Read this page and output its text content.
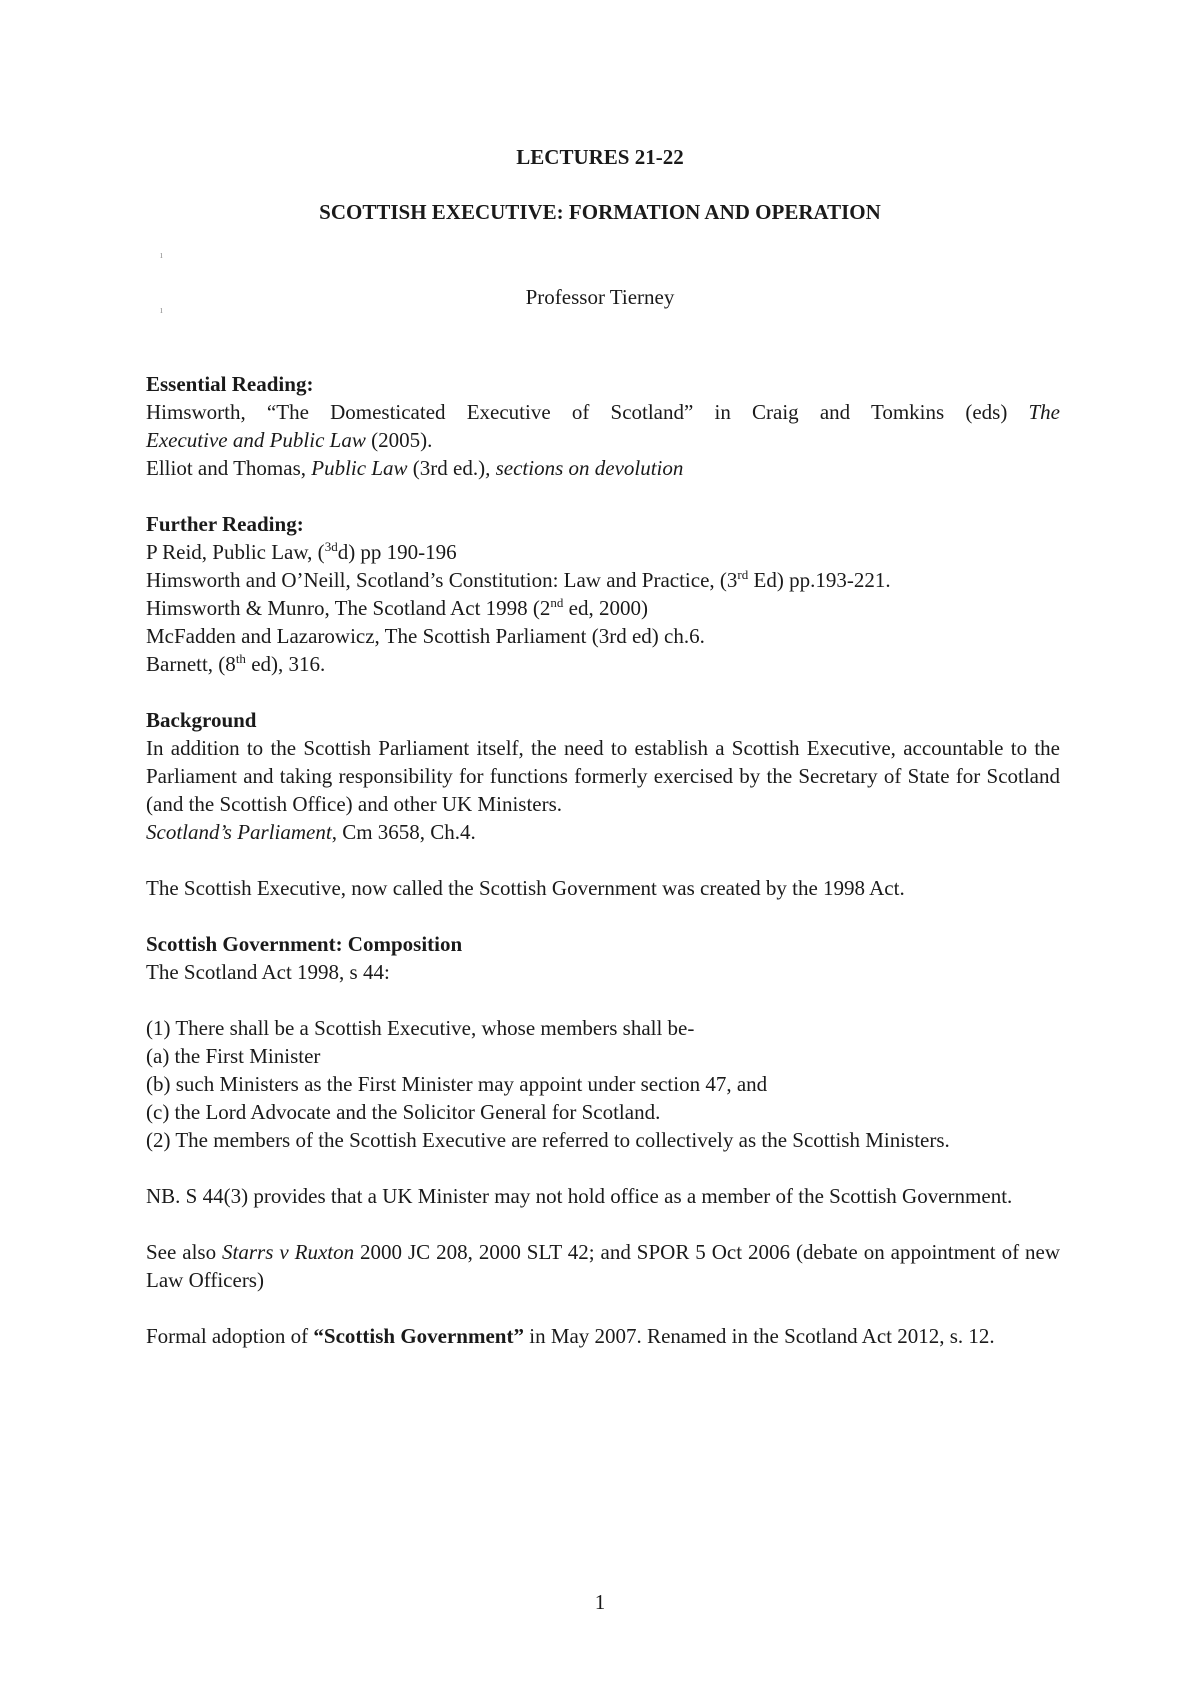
LECTURES 21-22
SCOTTISH EXECUTIVE: FORMATION AND OPERATION
ı
Professor Tierney
ı
Essential Reading:
Himsworth, “The Domesticated Executive of Scotland” in Craig and Tomkins (eds) The
Executive and Public Law (2005).
Elliot and Thomas, Public Law (3rd ed.), sections on devolution
Further Reading:
P Reid, Public Law, ($^{3d}$d) pp 190-196
Himsworth and O’Neill, Scotland’s Constitution: Law and Practice, (3rd Ed) pp.193-221.
Himsworth & Munro, The Scotland Act 1998 (2nd ed, 2000)
McFadden and Lazarowicz, The Scottish Parliament (3rd ed) ch.6.
Barnett, (8th ed), 316.
Background
In addition to the Scottish Parliament itself, the need to establish a Scottish Executive, accountable to the Parliament and taking responsibility for functions formerly exercised by the Secretary of State for Scotland (and the Scottish Office) and other UK Ministers.
Scotland’s Parliament, Cm 3658, Ch.4.
The Scottish Executive, now called the Scottish Government was created by the 1998 Act.
Scottish Government: Composition
The Scotland Act 1998, s 44:
(1) There shall be a Scottish Executive, whose members shall be-
(a) the First Minister
(b) such Ministers as the First Minister may appoint under section 47, and
(c) the Lord Advocate and the Solicitor General for Scotland.
(2) The members of the Scottish Executive are referred to collectively as the Scottish Ministers.
NB. S 44(3) provides that a UK Minister may not hold office as a member of the Scottish Government.
See also Starrs v Ruxton 2000 JC 208, 2000 SLT 42; and SPOR 5 Oct 2006 (debate on appointment of new Law Officers)
Formal adoption of “Scottish Government” in May 2007. Renamed in the Scotland Act 2012, s. 12.
1
